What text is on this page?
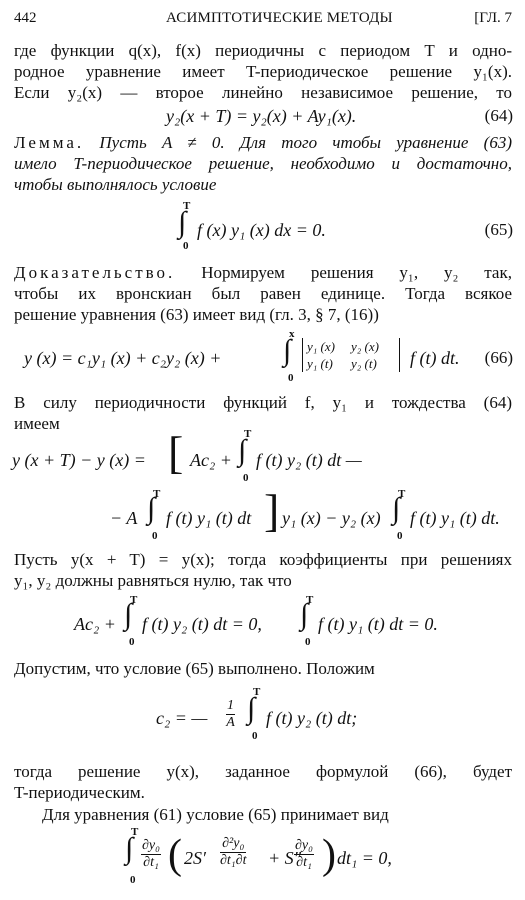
442	АСИМПТОТИЧЕСКИЕ МЕТОДЫ	[ГЛ. 7
где функции q(x), f(x) периодичны с периодом T и одно-
родное уравнение имеет T-периодическое решение y₁(x).
Если y₂(x) — второе линейно независимое решение, то
y₂(x + T) = y₂(x) + Ay₁(x).	(64)
Лемма. Пусть A ≠ 0. Для того чтобы уравнение (63)
имело T-периодическое решение, необходимо и достаточно,
чтобы выполнялось условие
T
∫
0
f (x) y₁ (x) dx = 0.	(65)
Доказательство. Нормируем решения y₁, y₂ так,
чтобы их вронскиан был равен единице. Тогда всякое
решение уравнения (63) имеет вид (гл. 3, § 7, (16))
y (x) = c₁y₁ (x) + c₂y₂ (x) +
x
∫
0
y₁ (x) y₂ (x)
y₁ (t) y₂ (t)	f (t) dt. (66)
В силу периодичности функций f, y₁ и тождества (64)
имеем
y (x + T) − y (x) = [ Ac₂ +
T
∫
0
f (t) y₂ (t) dt —
− A
T
∫
0
f (t) y₁ (t) dt ] y₁ (x) − y₂ (x)
T
∫
0
f (t) y₁ (t) dt.
Пусть y(x + T) = y(x); тогда коэффициенты при решениях
y₁, y₂ должны равняться нулю, так что
Ac₂ +
T
∫
0
f (t) y₂ (t) dt = 0,
T
∫
0
f (t) y₁ (t) dt = 0.
Допустим, что условие (65) выполнено. Положим
c₂ = — $\frac{1}{A}$
T
∫
0
f (t) y₂ (t) dt;
тогда решение y(x), заданное формулой (66), будет
T-периодическим.
Для уравнения (61) условие (65) принимает вид
T
∫
0
$\frac{\text{∂y₀}}{\text{∂t₁}}$ ( $2S' \frac{\text{∂²y₀}}{\text{∂t₁∂t}} + S''$
$\frac{\text{∂y₀}}{\text{∂t₁}}$ ) dt₁ = 0,
